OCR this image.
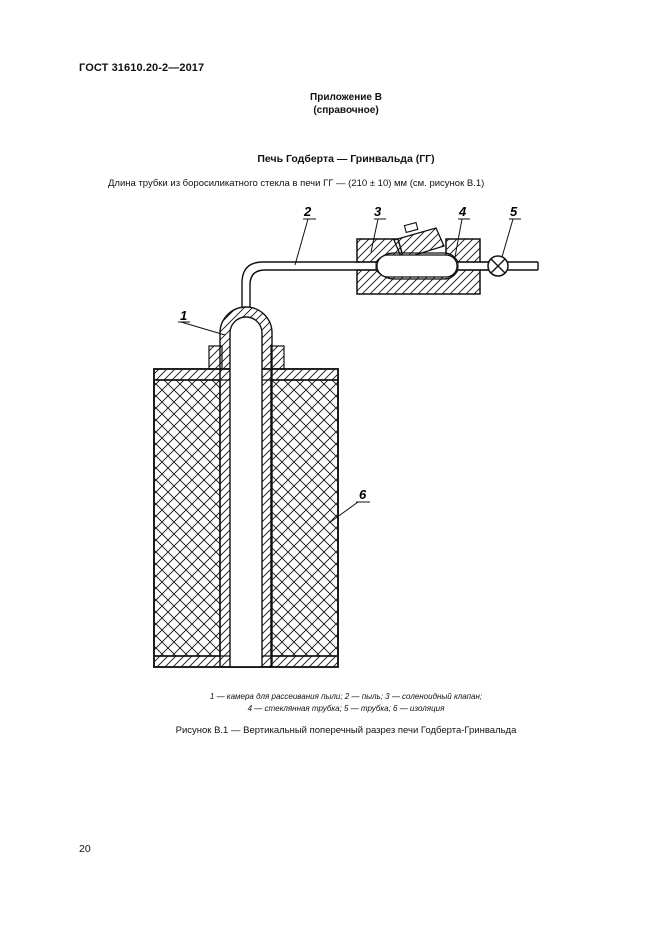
ГОСТ 31610.20-2—2017
Приложение В
(справочное)
Печь Годберта — Гринвальда (ГГ)
Длина трубки из боросиликатного стекла в печи ГГ — (210 ± 10) мм (см. рисунок В.1)
1
2	3	4	5
6
1 — камера для рассеивания пыли; 2 — пыль; 3 — соленоидный клапан;
4 — стеклянная трубка; 5 — трубка; 6 — изоляция
Рисунок В.1 — Вертикальный поперечный разрез печи Годберта-Гринвальда
20
